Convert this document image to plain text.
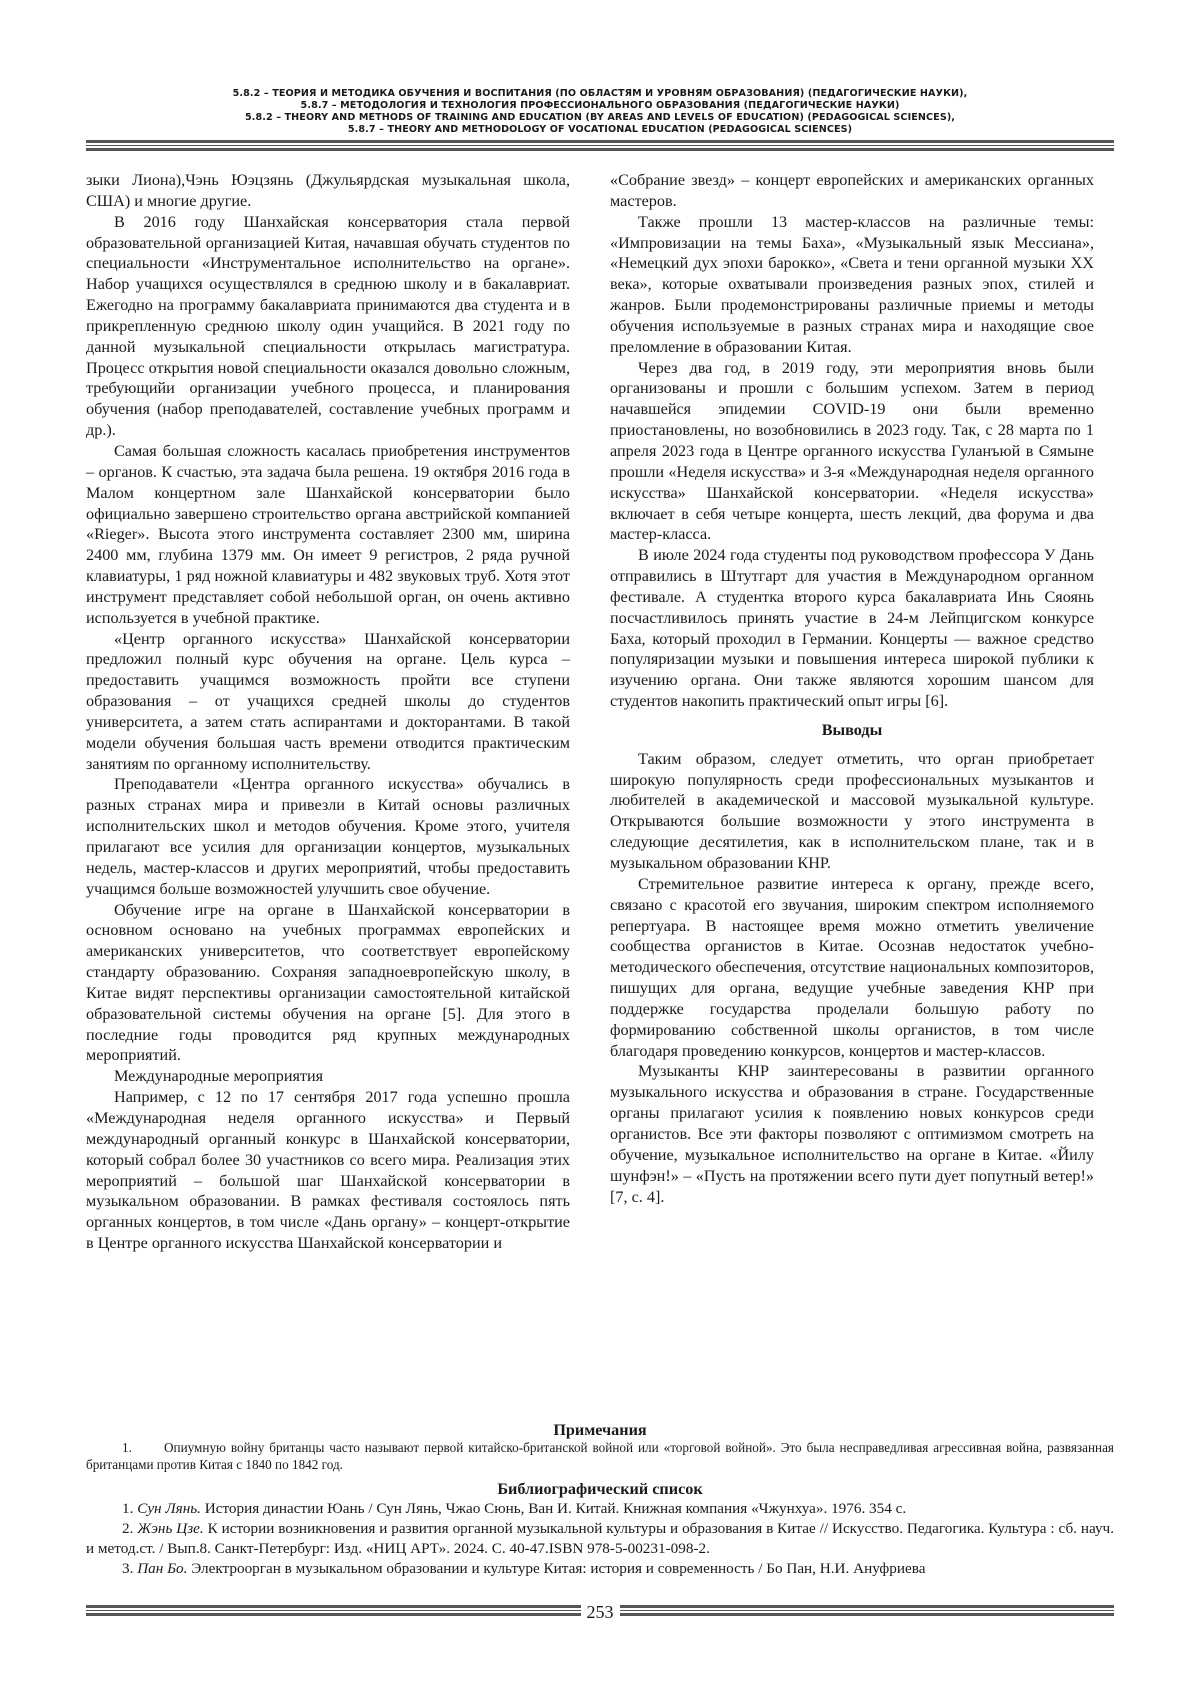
5.8.2 – ТЕОРИЯ И МЕТОДИКА ОБУЧЕНИЯ И ВОСПИТАНИЯ (ПО ОБЛАСТЯМ И УРОВНЯМ ОБРАЗОВАНИЯ) (ПЕДАГОГИЧЕСКИЕ НАУКИ),
5.8.7 – МЕТОДОЛОГИЯ И ТЕХНОЛОГИЯ ПРОФЕССИОНАЛЬНОГО ОБРАЗОВАНИЯ (ПЕДАГОГИЧЕСКИЕ НАУКИ)
5.8.2 – THEORY AND METHODS OF TRAINING AND EDUCATION (BY AREAS AND LEVELS OF EDUCATION) (PEDAGOGICAL SCIENCES),
5.8.7 – THEORY AND METHODOLOGY OF VOCATIONAL EDUCATION (PEDAGOGICAL SCIENCES)

зыки Лиона),Чэнь Юэцзянь (Джульярдская музыкальная школа, США) и многие другие.

В 2016 году Шанхайская консерватория стала первой образовательной организацией Китая, начавшая обучать студентов по специальности «Инструментальное исполнительство на органе». Набор учащихся осуществлялся в среднюю школу и в бакалавриат. Ежегодно на программу бакалавриата принимаются два студента и в прикрепленную среднюю школу один учащийся. В 2021 году по данной музыкальной специальности открылась магистратура. Процесс открытия новой специальности оказался довольно сложным, требующийи организации учебного процесса, и планирования обучения (набор преподавателей, составление учебных программ и др.).

Самая большая сложность касалась приобретения инструментов – органов. К счастью, эта задача была решена. 19 октября 2016 года в Малом концертном зале Шанхайской консерватории было официально завершено строительство органа австрийской компанией «Rieger». Высота этого инструмента составляет 2300 мм, ширина 2400 мм, глубина 1379 мм. Он имеет 9 регистров, 2 ряда ручной клавиатуры, 1 ряд ножной клавиатуры и 482 звуковых труб. Хотя этот инструмент представляет собой небольшой орган, он очень активно используется в учебной практике.

«Центр органного искусства» Шанхайской консерватории предложил полный курс обучения на органе. Цель курса – предоставить учащимся возможность пройти все ступени образования – от учащихся средней школы до студентов университета, а затем стать аспирантами и докторантами. В такой модели обучения большая часть времени отводится практическим занятиям по органному исполнительству.

Преподаватели «Центра органного искусства» обучались в разных странах мира и привезли в Китай основы различных исполнительских школ и методов обучения. Кроме этого, учителя прилагают все усилия для организации концертов, музыкальных недель, мастер-классов и других мероприятий, чтобы предоставить учащимся больше возможностей улучшить свое обучение.

Обучение игре на органе в Шанхайской консерватории в основном основано на учебных программах европейских и американских университетов, что соответствует европейскому стандарту образованию. Сохраняя западноевропейскую школу, в Китае видят перспективы организации самостоятельной китайской образовательной системы обучения на органе [5]. Для этого в последние годы проводится ряд крупных международных мероприятий.

Международные мероприятия

Например, с 12 по 17 сентября 2017 года успешно прошла «Международная неделя органного искусства» и Первый международный органный конкурс в Шанхайской консерватории, который собрал более 30 участников со всего мира. Реализация этих мероприятий – большой шаг Шанхайской консерватории в музыкальном образовании. В рамках фестиваля состоялось пять органных концертов, в том числе «Дань органу» – концерт-открытие в Центре органного искусства Шанхайской консерватории и

«Собрание звезд» – концерт европейских и американских органных мастеров.

Также прошли 13 мастер-классов на различные темы: «Импровизации на темы Баха», «Музыкальный язык Мессиана», «Немецкий дух эпохи барокко», «Света и тени органной музыки XX века», которые охватывали произведения разных эпох, стилей и жанров. Были продемонстрированы различные приемы и методы обучения используемые в разных странах мира и находящие свое преломление в образовании Китая.

Через два год, в 2019 году, эти мероприятия вновь были организованы и прошли с большим успехом. Затем в период начавшейся эпидемии COVID-19 они были временно приостановлены, но возобновились в 2023 году. Так, с 28 марта по 1 апреля 2023 года в Центре органного искусства Гуланъюй в Сямыне прошли «Неделя искусства» и 3-я «Международная неделя органного искусства» Шанхайской консерватории. «Неделя искусства» включает в себя четыре концерта, шесть лекций, два форума и два мастер-класса.

В июле 2024 года студенты под руководством профессора У Дань отправились в Штутгарт для участия в Международном органном фестивале. А студентка второго курса бакалавриата Инь Сяоянь посчастливилось принять участие в 24-м Лейпцигском конкурсе Баха, который проходил в Германии. Концерты — важное средство популяризации музыки и повышения интереса широкой публики к изучению органа. Они также являются хорошим шансом для студентов накопить практический опыт игры [6].

Выводы

Таким образом, следует отметить, что орган приобретает широкую популярность среди профессиональных музыкантов и любителей в академической и массовой музыкальной культуре. Открываются большие возможности у этого инструмента в следующие десятилетия, как в исполнительском плане, так и в музыкальном образовании КНР.

Стремительное развитие интереса к органу, прежде всего, связано с красотой его звучания, широким спектром исполняемого репертуара. В настоящее время можно отметить увеличение сообщества органистов в Китае. Осознав недостаток учебно-методического обеспечения, отсутствие национальных композиторов, пишущих для органа, ведущие учебные заведения КНР при поддержке государства проделали большую работу по формированию собственной школы органистов, в том числе благодаря проведению конкурсов, концертов и мастер-классов.

Музыканты КНР заинтересованы в развитии органного музыкального искусства и образования в стране. Государственные органы прилагают усилия к появлению новых конкурсов среди органистов. Все эти факторы позволяют с оптимизмом смотреть на обучение, музыкальное исполнительство на органе в Китае. «Йилу шунфэн!» – «Пусть на протяжении всего пути дует попутный ветер!» [7, с. 4].

Примечания
1. Опиумную войну британцы часто называют первой китайско-британской войной или «торговой войной». Это была несправедливая агрессивная война, развязанная британцами против Китая с 1840 по 1842 год.
Библиографический список

1. Сун Лянь. История династии Юань / Сун Лянь, Чжао Сюнь, Ван И. Китай. Книжная компания «Чжунхуа». 1976. 354 с.

2. Жэнь Цзе. К истории возникновения и развития органной музыкальной культуры и образования в Китае // Искусство. Педагогика. Культура : сб. науч. и метод.ст. / Вып.8. Санкт-Петербург: Изд. «НИЦ АРТ». 2024. С. 40-47.ISBN 978-5-00231-098-2.

3. Пан Бо. Электроорган в музыкальном образовании и культуре Китая: история и современность / Бо Пан, Н.И. Ануфриева

253
